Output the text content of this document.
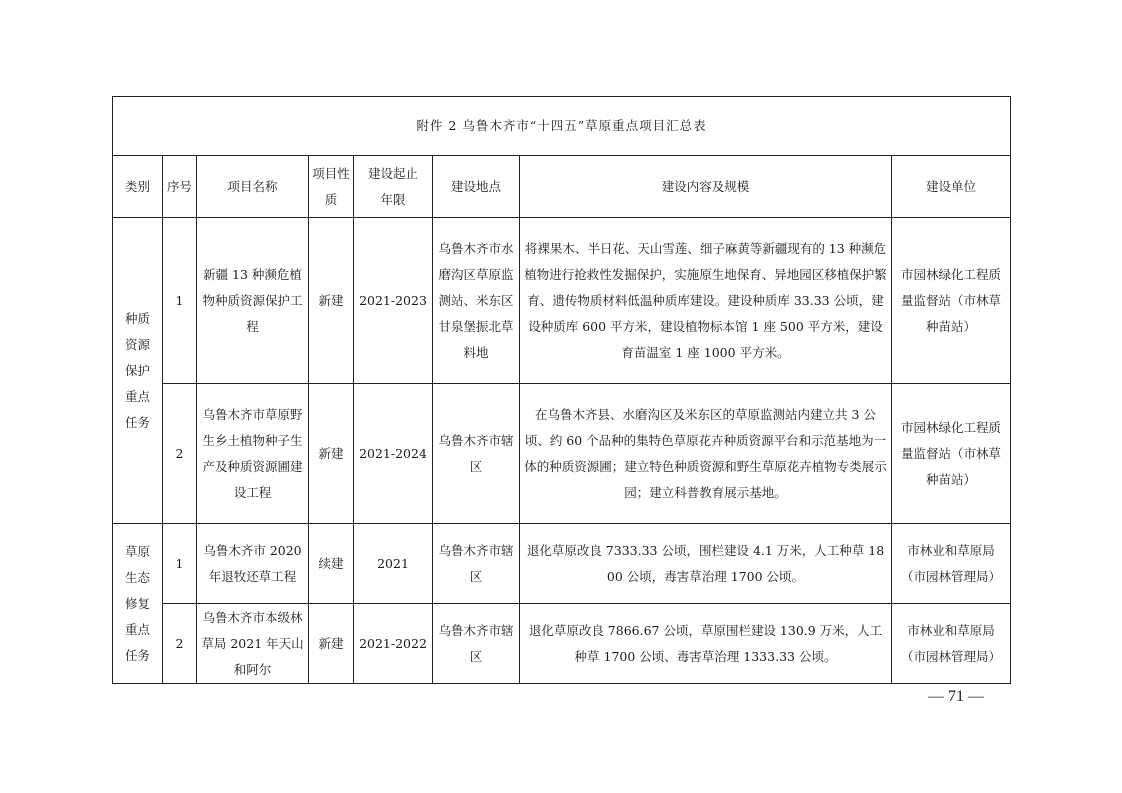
附件 2 乌鲁木齐市“十四五”草原重点项目汇总表							
类别	序号	项目名称	项目性质	建设起止年限	建设地点	建设内容及规模	建设单位
种质资源保护重点任务	1	新疆 13 种濒危植物种质资源保护工程	新建	2021-2023	乌鲁木齐市水磨沟区草原监测站、米东区甘泉堡振北草料地	将裸果木、半日花、天山雪莲、细子麻黄等新疆现有的 13 种濒危植物进行抢救性发掘保护，实施原生地保育、异地园区移植保护繁育、遗传物质材料低温种质库建设。建设种质库 33.33 公顷，建设种质库 600 平方米，建设植物标本馆 1 座 500 平方米，建设育苗温室 1 座 1000 平方米。	市园林绿化工程质量监督站（市林草种苗站）
	2	乌鲁木齐市草原野生乡土植物种子生产及种质资源圃建设工程	新建	2021-2024	乌鲁木齐市辖区	在乌鲁木齐县、水磨沟区及米东区的草原监测站内建立共 3 公顷、约 60 个品种的集特色草原花卉种质资源平台和示范基地为一体的种质资源圃；建立特色种质资源和野生草原花卉植物专类展示园；建立科普教育展示基地。	市园林绿化工程质量监督站（市林草种苗站）
草原生态修复重点任务	1	乌鲁木齐市 2020 年退牧还草工程	续建	2021	乌鲁木齐市辖区	退化草原改良 7333.33 公顷，围栏建设 4.1 万米，人工种草 1800 公顷，毒害草治理 1700 公顷。	市林业和草原局（市园林管理局）
	2	乌鲁木齐市本级林草局 2021 年天山和阿尔	新建	2021-2022	乌鲁木齐市辖区	退化草原改良 7866.67 公顷，草原围栏建设 130.9 万米，人工种草 1700 公顷、毒害草治理 1333.33 公顷。	市林业和草原局（市园林管理局）
— 71 —
